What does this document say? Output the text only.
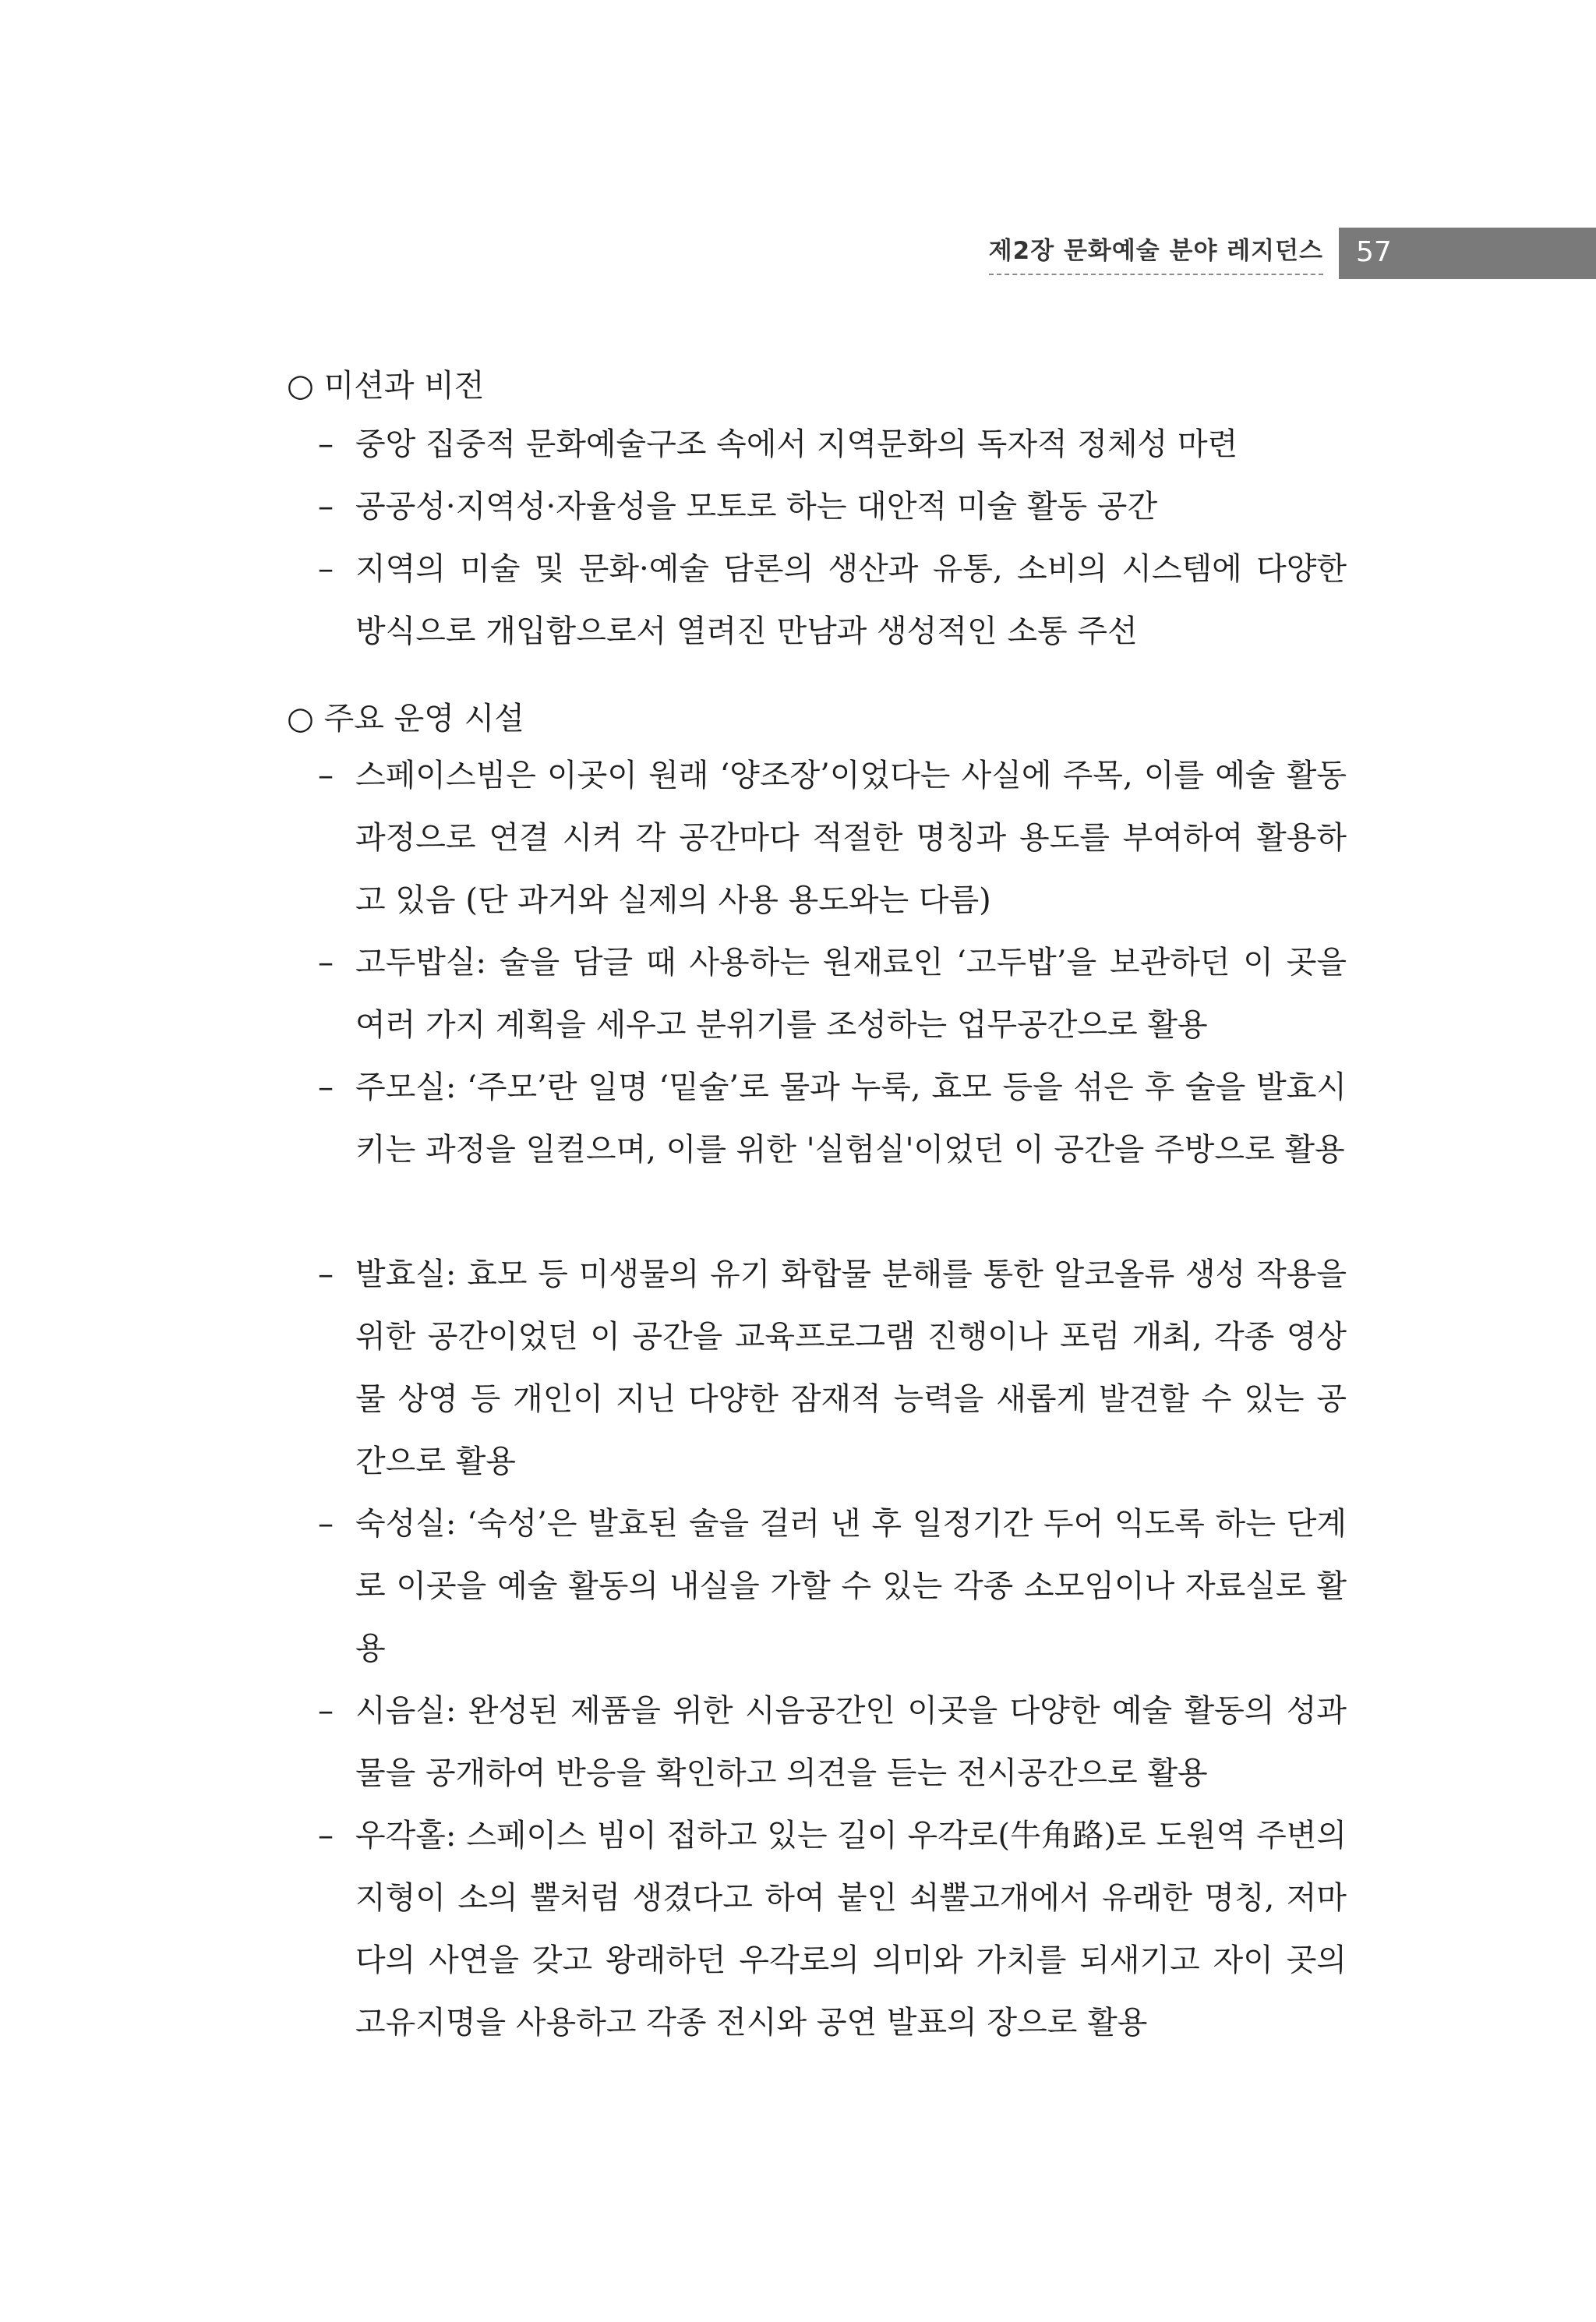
제2장 문화예술 분야 레지던스 57
○ 미션과 비전
– 중앙 집중적 문화예술구조 속에서 지역문화의 독자적 정체성 마련
– 공공성·지역성·자율성을 모토로 하는 대안적 미술 활동 공간
– 지역의 미술 및 문화·예술 담론의 생산과 유통, 소비의 시스템에 다양한 방식으로 개입함으로서 열려진 만남과 생성적인 소통 주선
○ 주요 운영 시설
– 스페이스빔은 이곳이 원래 ‘양조장’이었다는 사실에 주목, 이를 예술 활동 과정으로 연결 시켜 각 공간마다 적절한 명칭과 용도를 부여하여 활용하고 있음 (단 과거와 실제의 사용 용도와는 다름)
– 고두밥실: 술을 담글 때 사용하는 원재료인 ‘고두밥’을 보관하던 이 곳을 여러 가지 계획을 세우고 분위기를 조성하는 업무공간으로 활용
– 주모실: ‘주모’란 일명 ‘밑술’로 물과 누룩, 효모 등을 섞은 후 술을 발효시키는 과정을 일컬으며, 이를 위한 '실험실'이었던 이 공간을 주방으로 활용
– 발효실: 효모 등 미생물의 유기 화합물 분해를 통한 알코올류 생성 작용을 위한 공간이었던 이 공간을 교육프로그램 진행이나 포럼 개최, 각종 영상물 상영 등 개인이 지닌 다양한 잠재적 능력을 새롭게 발견할 수 있는 공간으로 활용
– 숙성실: ‘숙성’은 발효된 술을 걸러 낸 후 일정기간 두어 익도록 하는 단계로 이곳을 예술 활동의 내실을 가할 수 있는 각종 소모임이나 자료실로 활용
– 시음실: 완성된 제품을 위한 시음공간인 이곳을 다양한 예술 활동의 성과물을 공개하여 반응을 확인하고 의견을 듣는 전시공간으로 활용
– 우각홀: 스페이스 빔이 접하고 있는 길이 우각로(牛角路)로 도원역 주변의 지형이 소의 뿔처럼 생겼다고 하여 붙인 쇠뿔고개에서 유래한 명칭, 저마다의 사연을 갖고 왕래하던 우각로의 의미와 가치를 되새기고 자이 곳의 고유지명을 사용하고 각종 전시와 공연 발표의 장으로 활용
